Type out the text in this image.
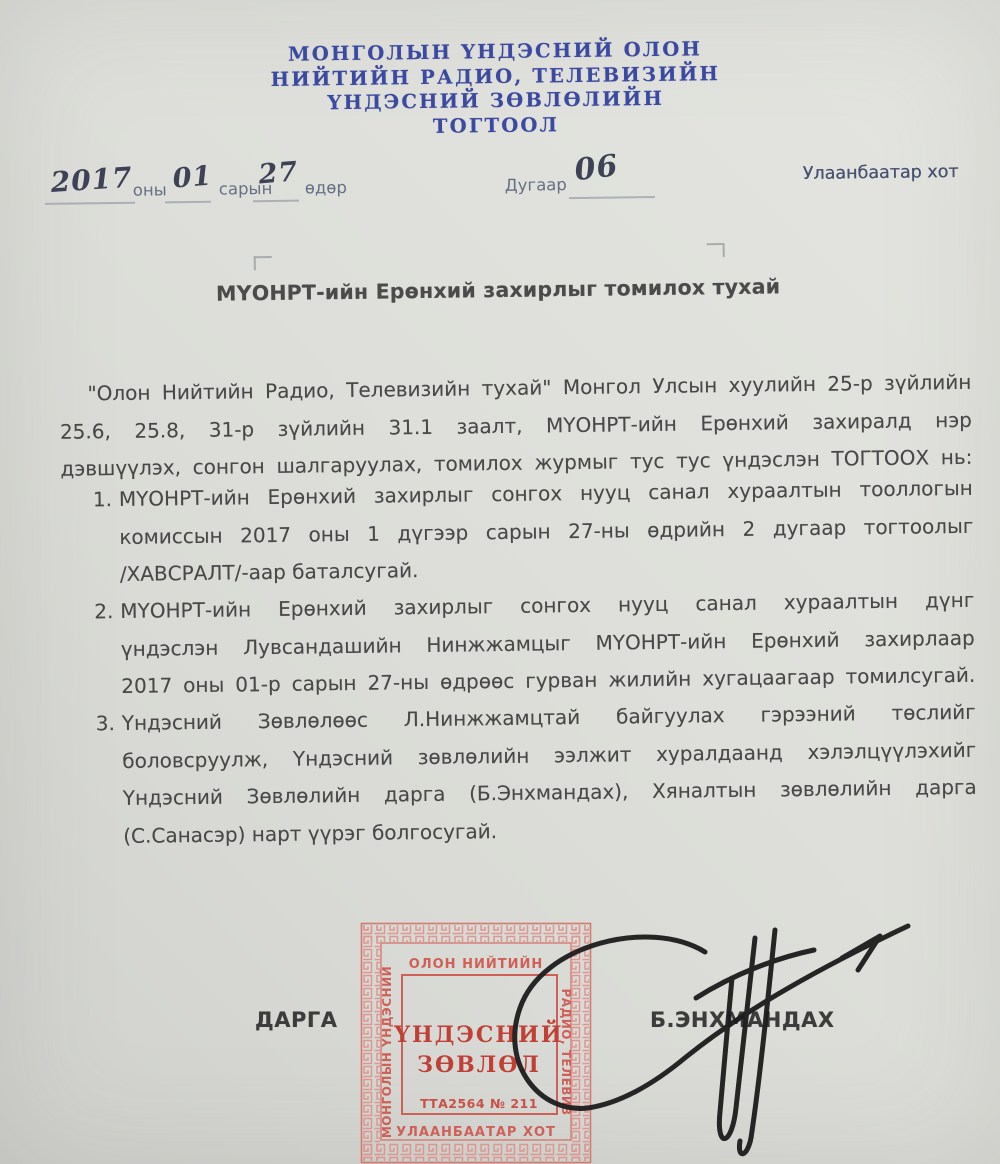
МОНГОЛЫН ҮНДЭСНИЙ ОЛОН
НИЙТИЙН РАДИО, ТЕЛЕВИЗИЙН
ҮНДЭСНИЙ ЗӨВЛӨЛИЙН
ТОГТООЛ
2017 оны 01 сарын
27 өдөр	Дугаар 06	Улаанбаатар хот
МҮОНРТ-ийн Ерөнхий захирлыг томилох тухай
"Олон Нийтийн Радио, Телевизийн тухай" Монгол Улсын хуулийн 25-р зүйлийн
25.6, 25.8, 31-р зүйлийн 31.1 заалт, МҮОНРТ-ийн Ерөнхий захиралд нэр
дэвшүүлэх, сонгон шалгаруулах, томилох журмыг тус тус үндэслэн ТОГТООХ нь:
1. МҮОНРТ-ийн Ерөнхий захирлыг сонгох нууц санал хураалтын тооллогын
комиссын 2017 оны 1 дүгээр сарын 27-ны өдрийн 2 дугаар тогтоолыг
/ХАВСРАЛТ/-аар баталсугай.
2. МҮОНРТ-ийн Ерөнхий захирлыг сонгох нууц санал хураалтын дүнг
үндэслэн Лувсандашийн Нинжжамцыг МҮОНРТ-ийн Ерөнхий захирлаар
2017 оны 01-р сарын 27-ны өдрөөс гурван жилийн хугацаагаар томилсугай.
3. Үндэсний Зөвлөлөөс Л.Нинжжамцтай байгуулах гэрээний төслийг
боловсруулж, Үндэсний зөвлөлийн ээлжит хуралдаанд хэлэлцүүлэхийг
Үндэсний Зөвлөлийн дарга (Б.Энхмандах), Хяналтын зөвлөлийн дарга
(С.Санасэр) нарт үүрэг болгосугай.
ДАРГА	Б.ЭНХМАНДАХ
ОЛОН НИЙТИЙН
МОНГОЛЫН ҮНДЭСНИЙ	РАДИО, ТЕЛЕВИЗ
ҮНДЭСНИЙ
ЗӨВЛӨЛ
ТТА2564 № 211
УЛААНБААТАР ХОТ
